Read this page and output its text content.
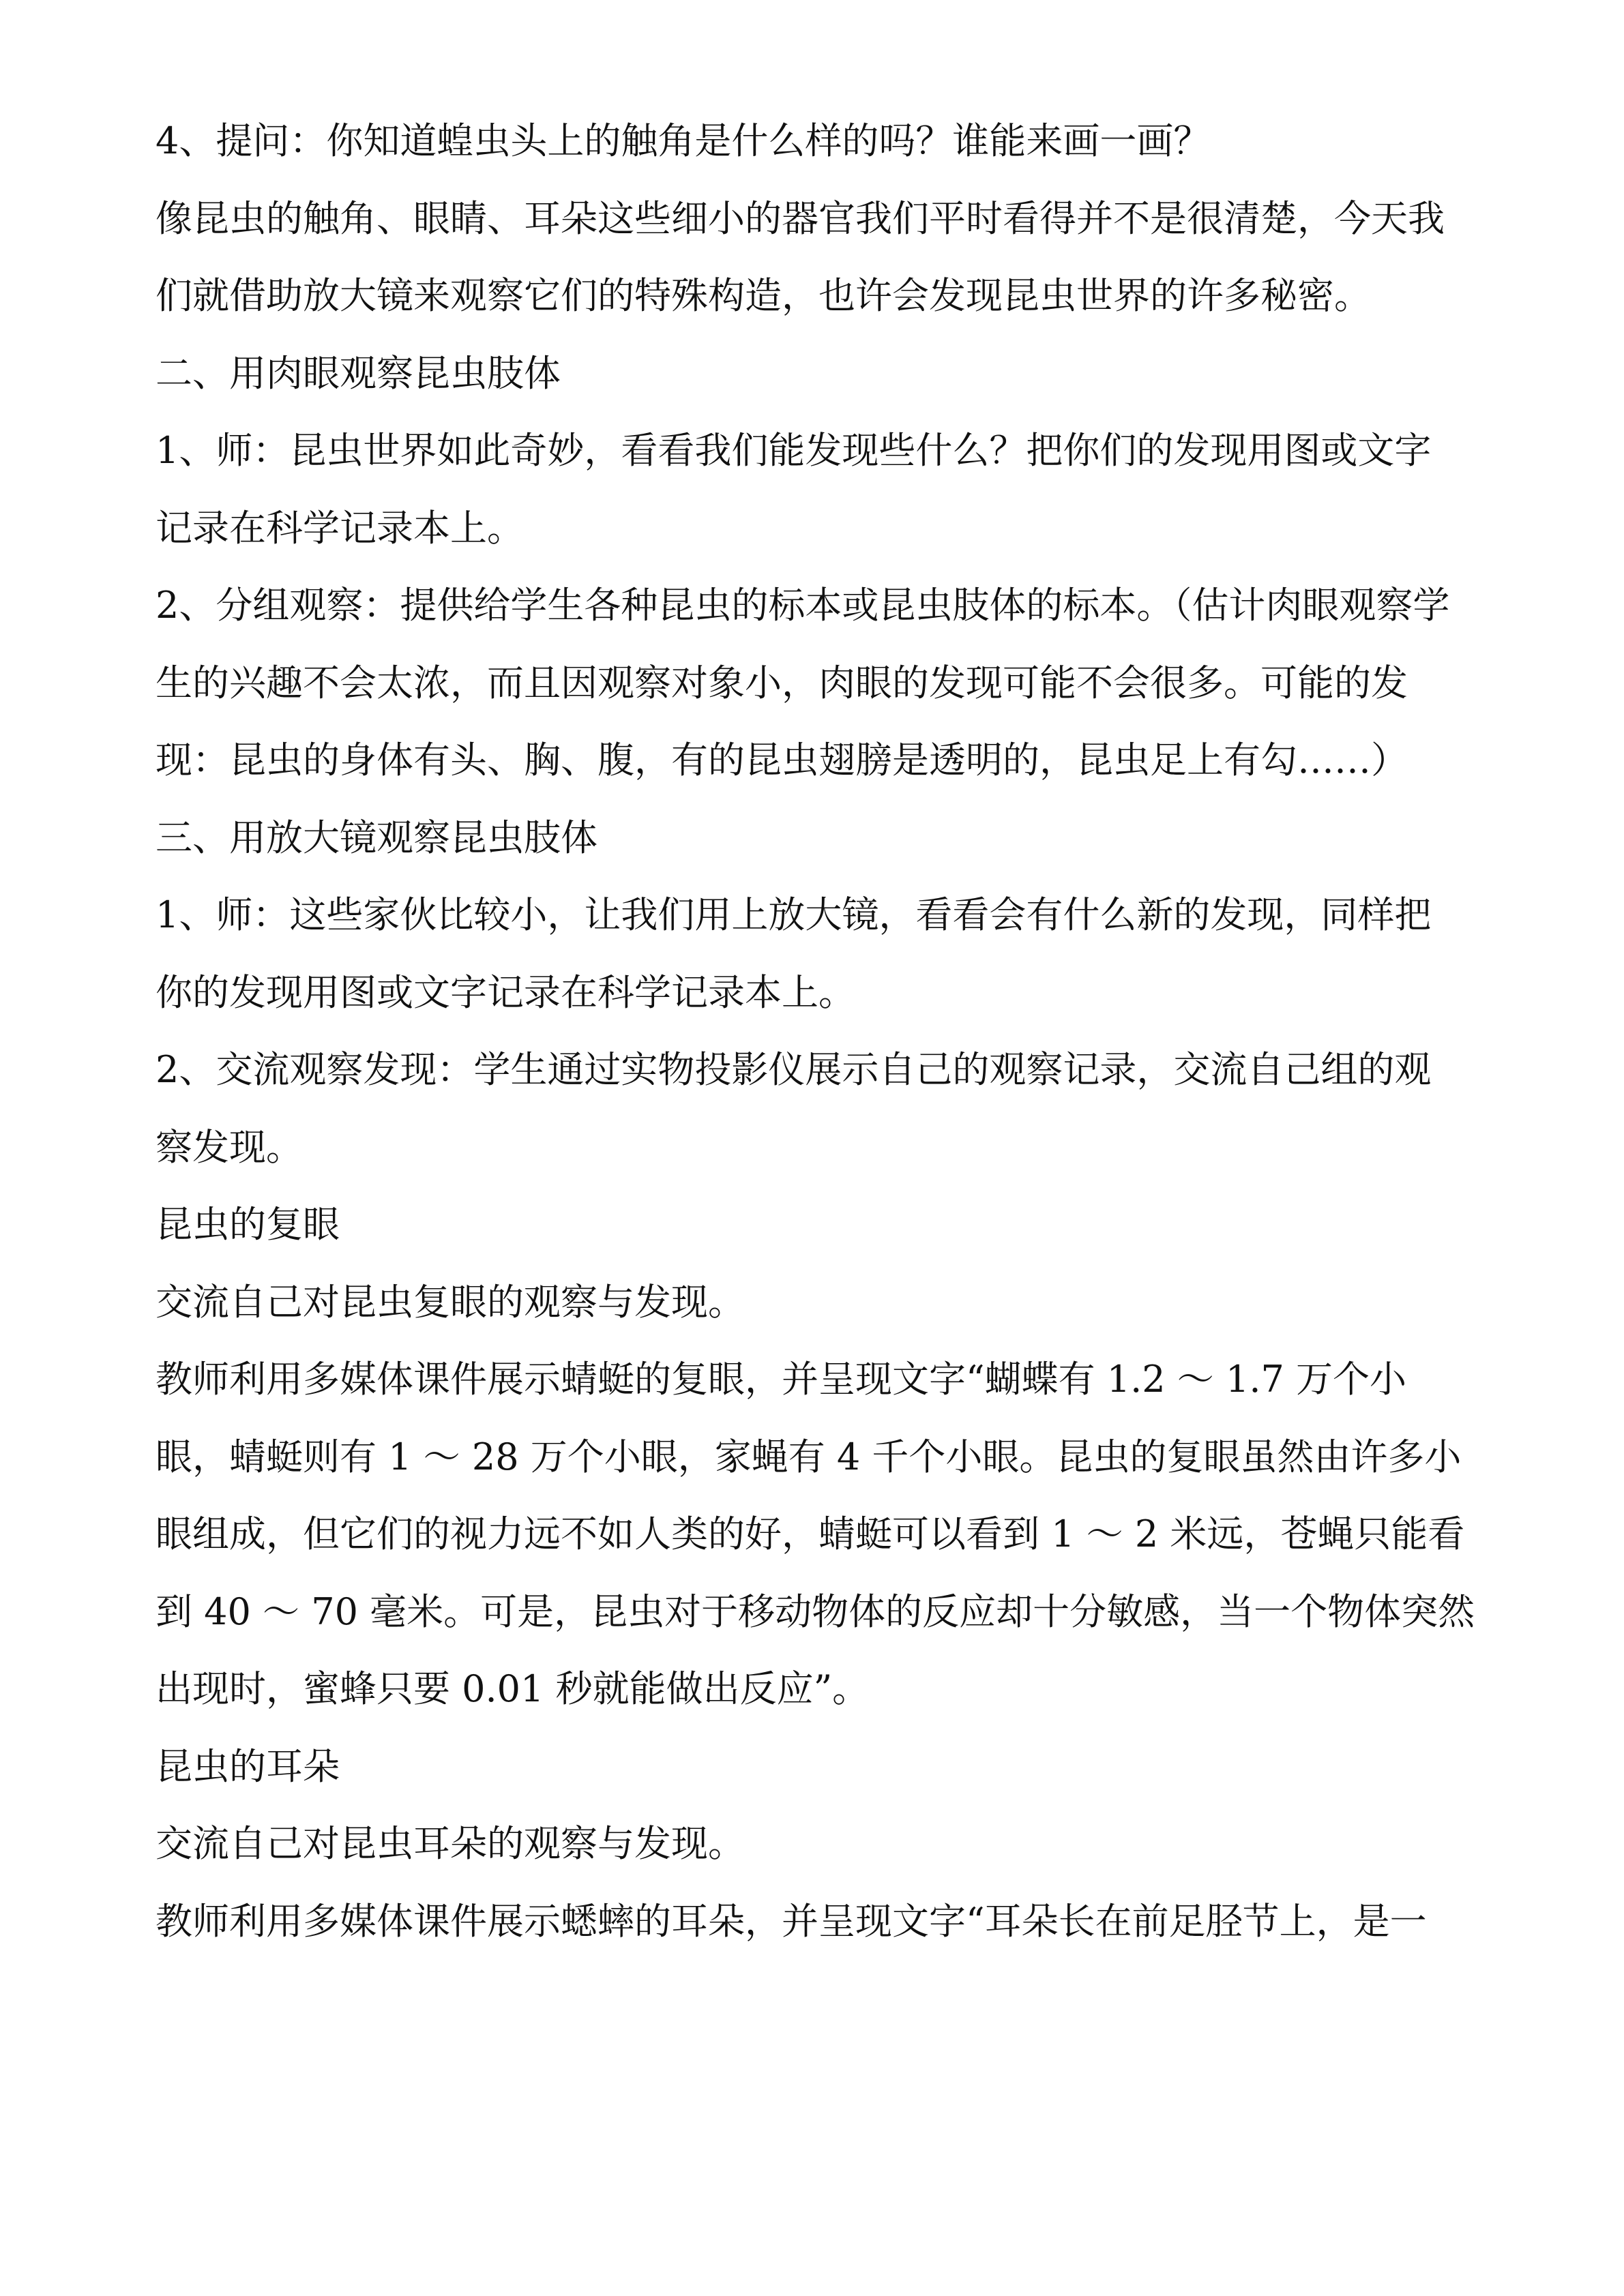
4、提问：你知道蝗虫头上的触角是什么样的吗？谁能来画一画？

像昆虫的触角、眼睛、耳朵这些细小的器官我们平时看得并不是很清楚，今天我

们就借助放大镜来观察它们的特殊构造，也许会发现昆虫世界的许多秘密。

二、用肉眼观察昆虫肢体

1、师：昆虫世界如此奇妙，看看我们能发现些什么？把你们的发现用图或文字

记录在科学记录本上。

2、分组观察：提供给学生各种昆虫的标本或昆虫肢体的标本。（估计肉眼观察学

生的兴趣不会太浓，而且因观察对象小，肉眼的发现可能不会很多。可能的发

现：昆虫的身体有头、胸、腹，有的昆虫翅膀是透明的，昆虫足上有勾……）

三、用放大镜观察昆虫肢体

1、师：这些家伙比较小，让我们用上放大镜，看看会有什么新的发现，同样把

你的发现用图或文字记录在科学记录本上。

2、交流观察发现：学生通过实物投影仪展示自己的观察记录，交流自己组的观

察发现。

昆虫的复眼

交流自己对昆虫复眼的观察与发现。

教师利用多媒体课件展示蜻蜓的复眼，并呈现文字“蝴蝶有 1.2 ～ 1.7 万个小

眼，蜻蜓则有 1 ～ 28 万个小眼，家蝇有 4 千个小眼。昆虫的复眼虽然由许多小

眼组成，但它们的视力远不如人类的好，蜻蜓可以看到 1 ～ 2 米远，苍蝇只能看

到 40 ～ 70 毫米。可是，昆虫对于移动物体的反应却十分敏感，当一个物体突然

出现时，蜜蜂只要 0.01 秒就能做出反应”。

昆虫的耳朵

交流自己对昆虫耳朵的观察与发现。

教师利用多媒体课件展示蟋蟀的耳朵，并呈现文字“耳朵长在前足胫节上，是一
